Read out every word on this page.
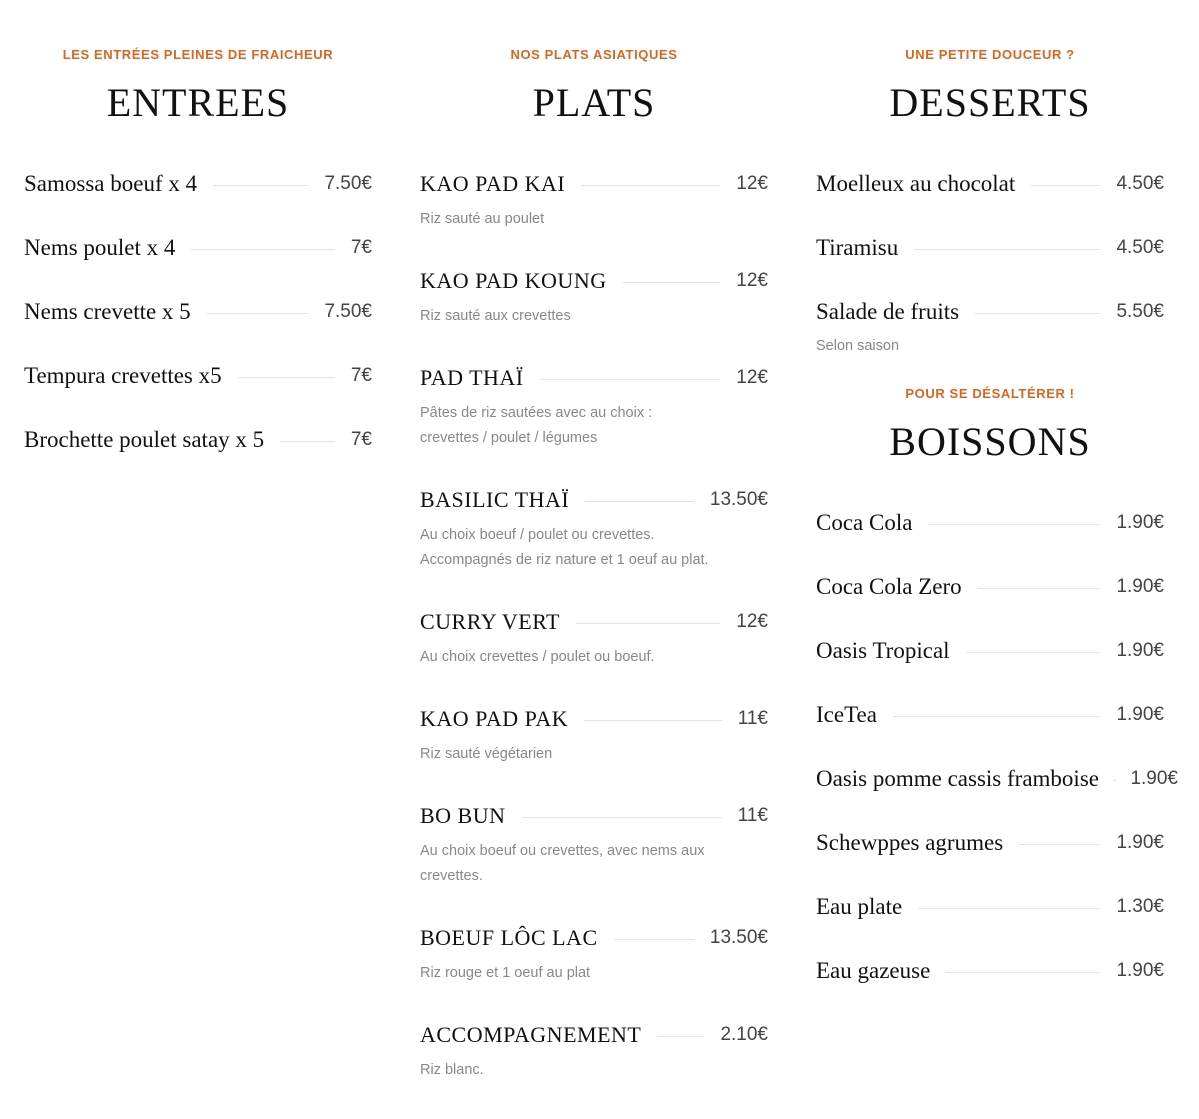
LES ENTRÉES PLEINES DE FRAICHEUR
ENTREES
Samossa boeuf x 4	7.50€
Nems poulet x 4	7€
Nems crevette x 5	7.50€
Tempura crevettes x5	7€
Brochette poulet satay x 5	7€
NOS PLATS ASIATIQUES
PLATS
KAO PAD KAI	12€
Riz sauté au poulet
KAO PAD KOUNG	12€
Riz sauté aux crevettes
PAD THAÏ	12€
Pâtes de riz sautées avec au choix :
crevettes / poulet / légumes
BASILIC THAÏ	13.50€
Au choix boeuf / poulet ou crevettes.
Accompagnés de riz nature et 1 oeuf au plat.
CURRY VERT	12€
Au choix crevettes / poulet ou boeuf.
KAO PAD PAK	11€
Riz sauté végétarien
BO BUN	11€
Au choix boeuf ou crevettes, avec nems aux
crevettes.
BOEUF LÔC LAC	13.50€
Riz rouge et 1 oeuf au plat
ACCOMPAGNEMENT	2.10€
Riz blanc.
UNE PETITE DOUCEUR ?
DESSERTS
Moelleux au chocolat	4.50€
Tiramisu	4.50€
Salade de fruits	5.50€
Selon saison
POUR SE DÉSALTÉRER !
BOISSONS
Coca Cola	1.90€
Coca Cola Zero	1.90€
Oasis Tropical	1.90€
IceTea	1.90€
Oasis pomme cassis framboise 1.90€
Schewppes agrumes	1.90€
Eau plate	1.30€
Eau gazeuse	1.90€
